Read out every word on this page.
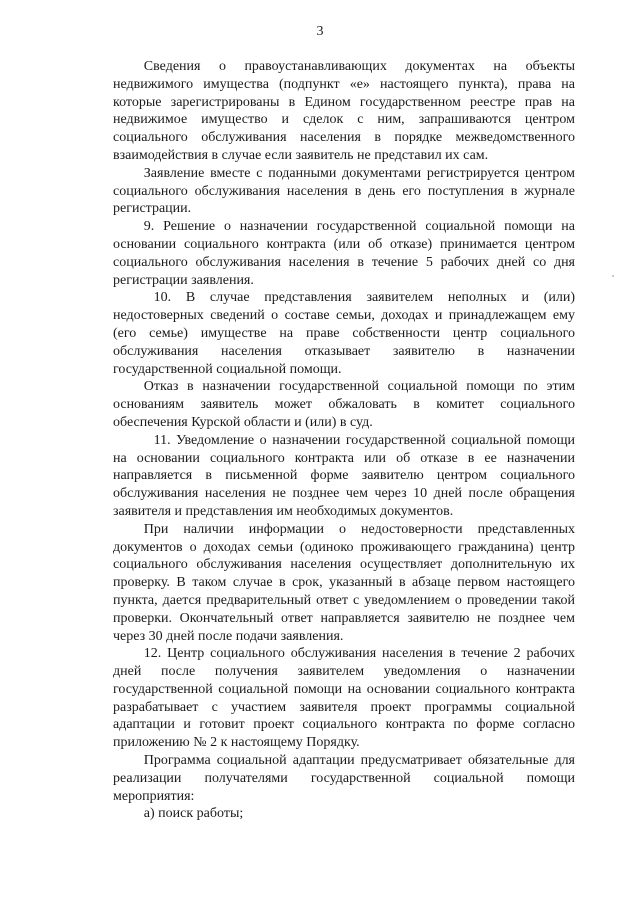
3

Сведения о правоустанавливающих документах на объекты недвижимого имущества (подпункт «е» настоящего пункта), права на которые зарегистрированы в Едином государственном реестре прав на недвижимое имущество и сделок с ним, запрашиваются центром социального обслуживания населения в порядке межведомственного взаимодействия в случае если заявитель не представил их сам.

Заявление вместе с поданными документами регистрируется центром социального обслуживания населения в день его поступления в журнале регистрации.

9. Решение о назначении государственной социальной помощи на основании социального контракта (или об отказе) принимается центром социального обслуживания населения в течение 5 рабочих дней со дня регистрации заявления.

10. В случае представления заявителем неполных и (или) недостоверных сведений о составе семьи, доходах и принадлежащем ему (его семье) имуществе на праве собственности центр социального обслуживания населения отказывает заявителю в назначении государственной социальной помощи.

Отказ в назначении государственной социальной помощи по этим основаниям заявитель может обжаловать в комитет социального обеспечения Курской области и (или) в суд.

11. Уведомление о назначении государственной социальной помощи на основании социального контракта или об отказе в ее назначении направляется в письменной форме заявителю центром социального обслуживания населения не позднее чем через 10 дней после обращения заявителя и представления им необходимых документов.

При наличии информации о недостоверности представленных документов о доходах семьи (одиноко проживающего гражданина) центр социального обслуживания населения осуществляет дополнительную их проверку. В таком случае в срок, указанный в абзаце первом настоящего пункта, дается предварительный ответ с уведомлением о проведении такой проверки. Окончательный ответ направляется заявителю не позднее чем через 30 дней после подачи заявления.

12. Центр социального обслуживания населения в течение 2 рабочих дней после получения заявителем уведомления о назначении государственной социальной помощи на основании социального контракта разрабатывает с участием заявителя проект программы социальной адаптации и готовит проект социального контракта по форме согласно приложению № 2 к настоящему Порядку.

Программа социальной адаптации предусматривает обязательные для реализации получателями государственной социальной помощи мероприятия:

а) поиск работы;
